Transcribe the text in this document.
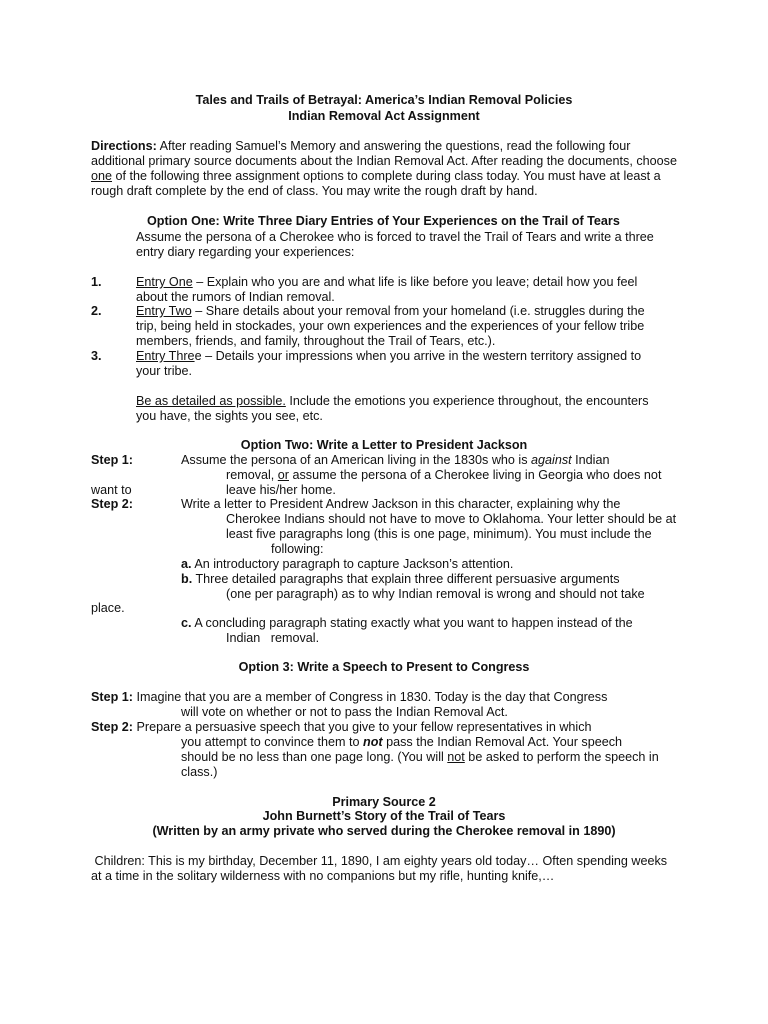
Tales and Trails of Betrayal: America’s Indian Removal Policies
Indian Removal Act Assignment
Directions: After reading Samuel’s Memory and answering the questions, read the following four
additional primary source documents about the Indian Removal Act. After reading the documents, choose
one of the following three assignment options to complete during class today. You must have at least a
rough draft complete by the end of class. You may write the rough draft by hand.
Option One: Write Three Diary Entries of Your Experiences on the Trail of Tears
Assume the persona of a Cherokee who is forced to travel the Trail of Tears and write a three
entry diary regarding your experiences:
1.	Entry One – Explain who you are and what life is like before you leave; detail how you feel
about the rumors of Indian removal.
2.	Entry Two – Share details about your removal from your homeland (i.e. struggles during the
trip, being held in stockades, your own experiences and the experiences of your fellow tribe
members, friends, and family, throughout the Trail of Tears, etc.).
3.	Entry Three – Details your impressions when you arrive in the western territory assigned to
your tribe.
Be as detailed as possible. Include the emotions you experience throughout, the encounters
you have, the sights you see, etc.
Option Two: Write a Letter to President Jackson
Step 1:	Assume the persona of an American living in the 1830s who is against Indian
removal, or assume the persona of a Cherokee living in Georgia who does not
want to	leave his/her home.
Step 2:	Write a letter to President Andrew Jackson in this character, explaining why the
Cherokee Indians should not have to move to Oklahoma. Your letter should be at
least five paragraphs long (this is one page, minimum). You must include the
following:
a. An introductory paragraph to capture Jackson’s attention.
b. Three detailed paragraphs that explain three different persuasive arguments
(one per paragraph) as to why Indian removal is wrong and should not take
place.
c. A concluding paragraph stating exactly what you want to happen instead of the
Indian   removal.
Option 3: Write a Speech to Present to Congress
Step 1: Imagine that you are a member of Congress in 1830. Today is the day that Congress
will vote on whether or not to pass the Indian Removal Act.
Step 2: Prepare a persuasive speech that you give to your fellow representatives in which
you attempt to convince them to not pass the Indian Removal Act. Your speech
should be no less than one page long. (You will not be asked to perform the speech in
class.)
Primary Source 2
John Burnett’s Story of the Trail of Tears
(Written by an army private who served during the Cherokee removal in 1890)
Children: This is my birthday, December 11, 1890, I am eighty years old today… Often spending weeks
at a time in the solitary wilderness with no companions but my rifle, hunting knife,…
